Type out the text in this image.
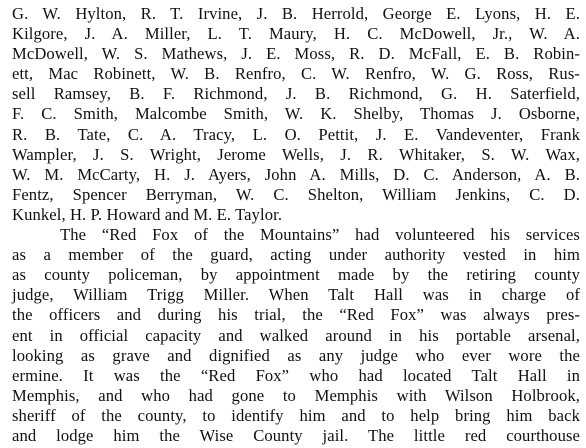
G. W. Hylton, R. T. Irvine, J. B. Herrold, George E. Lyons, H. E.
Kilgore, J. A. Miller, L. T. Maury, H. C. McDowell, Jr., W. A.
McDowell, W. S. Mathews, J. E. Moss, R. D. McFall, E. B. Robin-
ett, Mac Robinett, W. B. Renfro, C. W. Renfro, W. G. Ross, Rus-
sell Ramsey, B. F. Richmond, J. B. Richmond, G. H. Saterfield,
F. C. Smith, Malcombe Smith, W. K. Shelby, Thomas J. Osborne,
R. B. Tate, C. A. Tracy, L. O. Pettit, J. E. Vandeventer, Frank
Wampler, J. S. Wright, Jerome Wells, J. R. Whitaker, S. W. Wax,
W. M. McCarty, H. J. Ayers, John A. Mills, D. C. Anderson, A. B.
Fentz, Spencer Berryman, W. C. Shelton, William Jenkins, C. D.
Kunkel, H. P. Howard and M. E. Taylor.
The “Red Fox of the Mountains” had volunteered his services
as a member of the guard, acting under authority vested in him
as county policeman, by appointment made by the retiring county
judge, William Trigg Miller. When Talt Hall was in charge of
the officers and during his trial, the “Red Fox” was always pres-
ent in official capacity and walked around in his portable arsenal,
looking as grave and dignified as any judge who ever wore the
ermine. It was the “Red Fox” who had located Talt Hall in
Memphis, and who had gone to Memphis with Wilson Holbrook,
sheriff of the county, to identify him and to help bring him back
and lodge him the Wise County jail. The little red courthouse
